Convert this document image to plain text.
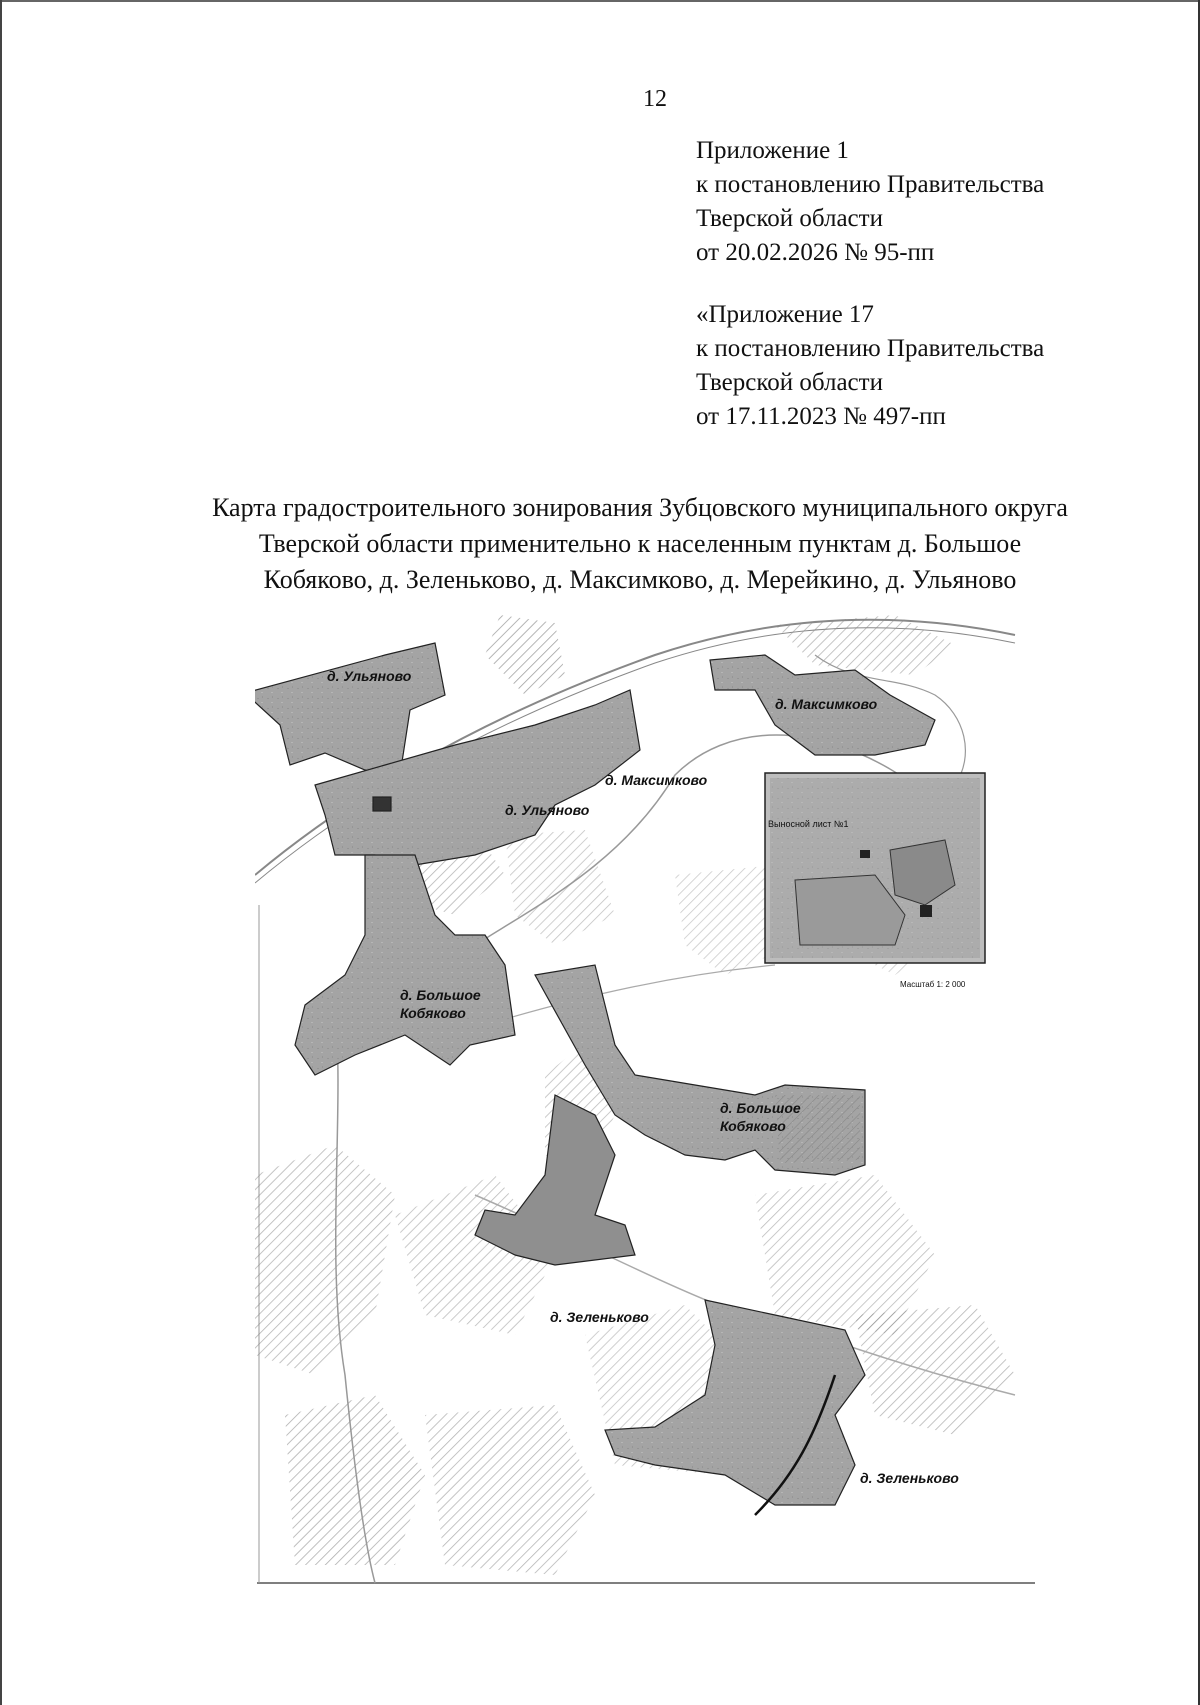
12
Приложение 1
к постановлению Правительства
Тверской области
от 20.02.2026 № 95-пп
«Приложение 17
к постановлению Правительства
Тверской области
от 17.11.2023 № 497-пп
Карта градостроительного зонирования Зубцовского муниципального округа
Тверской области применительно к населенным пунктам д. Большое
Кобяково, д. Зеленьково, д. Максимково, д. Мерейкино, д. Ульяново
д. Ульяново
д. Максимково
д. Максимково
д. Ульяново
д. Большое
Кобяково
д. Большое
Кобяково
д. Зеленьково
д. Зеленьково
Выносной лист №1
Масштаб 1: 2 000
